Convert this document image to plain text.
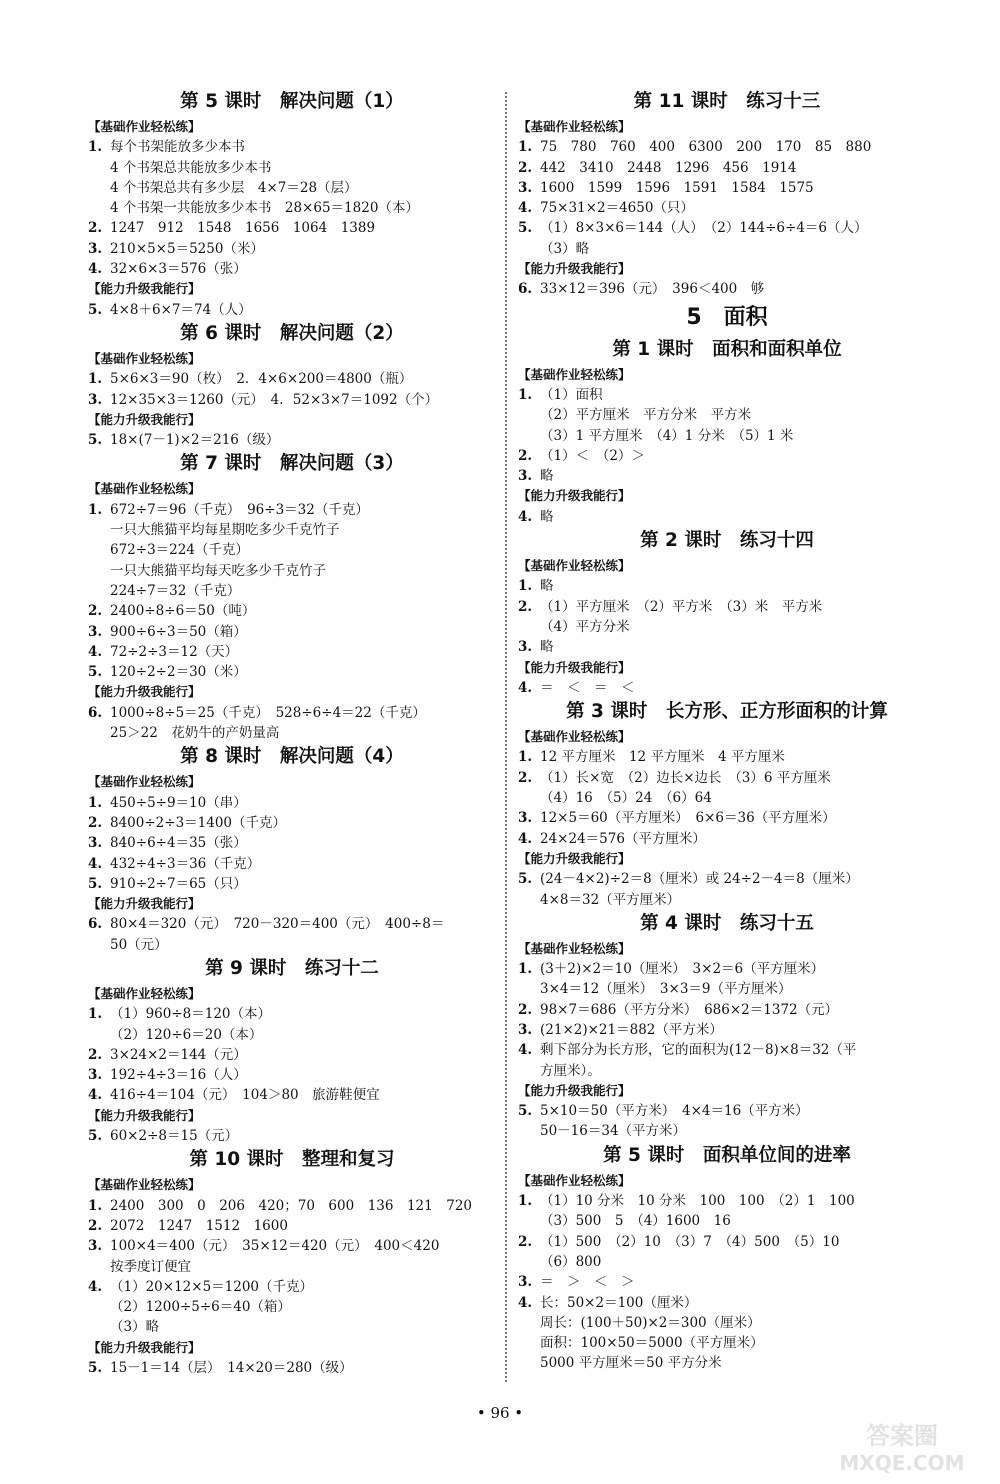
第 5 课时　解决问题（1）
【基础作业轻松练】
1. 每个书架能放多少本书
4 个书架总共能放多少本书
4 个书架总共有多少层　4×7＝28（层）
4 个书架一共能放多少本书　28×65＝1820（本）
2. 1247　912　1548　1656　1064　1389
3. 210×5×5＝5250（米）
4. 32×6×3＝576（张）
【能力升级我能行】
5. 4×8＋6×7＝74（人）
第 6 课时　解决问题（2）
【基础作业轻松练】
1. 5×6×3＝90（枚）　2．4×6×200＝4800（瓶）
3. 12×35×3＝1260（元）　4．52×3×7＝1092（个）
【能力升级我能行】
5. 18×(7－1)×2＝216（级）
第 7 课时　解决问题（3）
【基础作业轻松练】
1. 672÷7＝96（千克）　96÷3＝32（千克）
一只大熊猫平均每星期吃多少千克竹子
672÷3＝224（千克）
一只大熊猫平均每天吃多少千克竹子
224÷7＝32（千克）
2. 2400÷8÷6＝50（吨）
3. 900÷6÷3＝50（箱）
4. 72÷2÷3＝12（天）
5. 120÷2÷2＝30（米）
【能力升级我能行】
6. 1000÷8÷5＝25（千克）　528÷6÷4＝22（千克）
25＞22　花奶牛的产奶量高
第 8 课时　解决问题（4）
【基础作业轻松练】
1. 450÷5÷9＝10（串）
2. 8400÷2÷3＝1400（千克）
3. 840÷6÷4＝35（张）
4. 432÷4÷3＝36（千克）
5. 910÷2÷7＝65（只）
【能力升级我能行】
6. 80×4＝320（元）　720－320＝400（元）　400÷8＝
50（元）
第 9 课时　练习十二
【基础作业轻松练】
1. （1）960÷8＝120（本）
（2）120÷6＝20（本）
2. 3×24×2＝144（元）
3. 192÷4÷3＝16（人）
4. 416÷4＝104（元）　104＞80　旅游鞋便宜
【能力升级我能行】
5. 60×2÷8＝15（元）
第 10 课时　整理和复习
【基础作业轻松练】
1. 2400　300　0　206　420；70　600　136　121　720
2. 2072　1247　1512　1600
3. 100×4＝400（元）　35×12＝420（元）　400＜420
按季度订便宜
4. （1）20×12×5＝1200（千克）
（2）1200÷5÷6＝40（箱）
（3）略
【能力升级我能行】
5. 15－1＝14（层）　14×20＝280（级）
第 11 课时　练习十三
【基础作业轻松练】
1. 75　780　760　400　6300　200　170　85　880
2. 442　3410　2448　1296　456　1914
3. 1600　1599　1596　1591　1584　1575
4. 75×31×2＝4650（只）
5. （1）8×3×6＝144（人）　（2）144÷6÷4＝6（人）
（3）略
【能力升级我能行】
6. 33×12＝396（元）　396＜400　够
5　面积
第 1 课时　面积和面积单位
【基础作业轻松练】
1. （1）面积
（2）平方厘米　平方分米　平方米
（3）1 平方厘米　（4）1 分米　（5）1 米
2. （1）＜　（2）＞
3. 略
【能力升级我能行】
4. 略
第 2 课时　练习十四
【基础作业轻松练】
1. 略
2. （1）平方厘米　（2）平方米　（3）米　平方米
（4）平方分米
3. 略
【能力升级我能行】
4. ＝　＜　＝　＜
第 3 课时　长方形、正方形面积的计算
【基础作业轻松练】
1. 12 平方厘米　12 平方厘米　4 平方厘米
2. （1）长×宽　（2）边长×边长　（3）6 平方厘米
（4）16　（5）24　（6）64
3. 12×5＝60（平方厘米）　6×6＝36（平方厘米）
4. 24×24＝576（平方厘米）
【能力升级我能行】
5. (24－4×2)÷2＝8（厘米）或 24÷2－4＝8（厘米）
4×8＝32（平方厘米）
第 4 课时　练习十五
【基础作业轻松练】
1. (3＋2)×2＝10（厘米）　3×2＝6（平方厘米）
3×4＝12（厘米）　3×3＝9（平方厘米）
2. 98×7＝686（平方分米）　686×2＝1372（元）
3. (21×2)×21＝882（平方米）
4. 剩下部分为长方形，它的面积为(12－8)×8＝32（平
方厘米）。
【能力升级我能行】
5. 5×10＝50（平方米）　4×4＝16（平方米）
50－16＝34（平方米）
第 5 课时　面积单位间的进率
【基础作业轻松练】
1. （1）10 分米　10 分米　100　100　（2）1　100
（3）500　5　（4）1600　16
2. （1）500　（2）10　（3）7　（4）500　（5）10
（6）800
3. ＝　＞　＜　＞
4. 长：50×2＝100（厘米）
周长：(100＋50)×2＝300（厘米）
面积：100×50＝5000（平方厘米）
5000 平方厘米＝50 平方分米
• 96 •
答案圈
MXQE.COM
